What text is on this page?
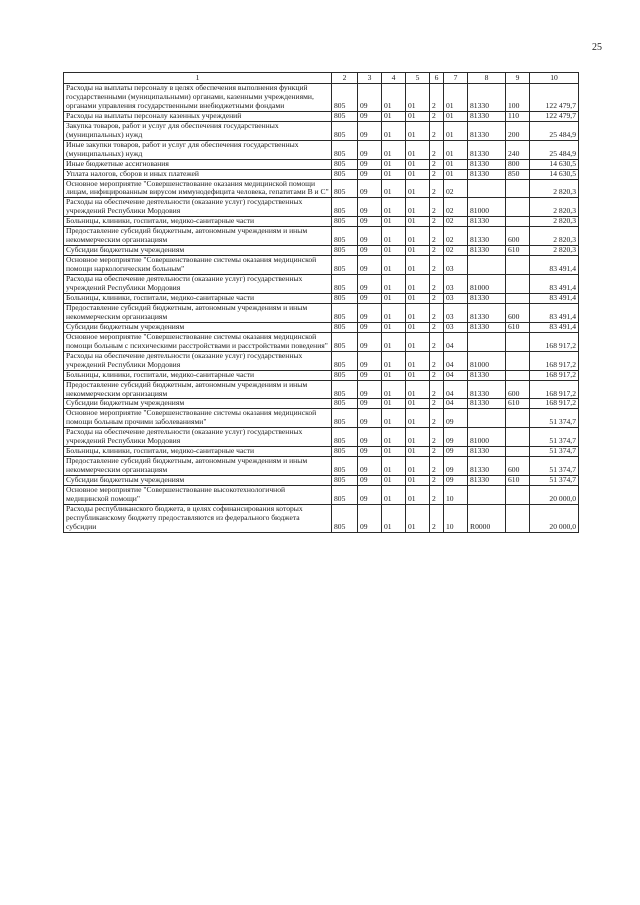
25
1	2	3	4	5	6	7	8	9	10
Расходы на выплаты персоналу в целях обеспечения выполнения функций государственными (муниципальными) органами, казенными учреждениями, органами управления государственными внебюджетными фондами	805	09	01	01	2	01	81330	100	122 479,7
Расходы на выплаты персоналу казенных учреждений	805	09	01	01	2	01	81330	110	122 479,7
Закупка товаров, работ и услуг для обеспечения государственных (муниципальных) нужд	805	09	01	01	2	01	81330	200	25 484,9
Иные закупки товаров, работ и услуг для обеспечения государственных (муниципальных) нужд	805	09	01	01	2	01	81330	240	25 484,9
Иные бюджетные ассигнования	805	09	01	01	2	01	81330	800	14 630,5
Уплата налогов, сборов и иных платежей	805	09	01	01	2	01	81330	850	14 630,5
Основное мероприятие "Совершенствование оказания медицинской помощи лицам, инфицированным вирусом иммунодефицита человека, гепатитами В и С"	805	09	01	01	2	02			2 820,3
Расходы на обеспечение деятельности (оказание услуг) государственных учреждений Республики Мордовия	805	09	01	01	2	02	81000		2 820,3
Больницы, клиники, госпитали, медико-санитарные части	805	09	01	01	2	02	81330		2 820,3
Предоставление субсидий бюджетным, автономным учреждениям и иным некоммерческим организациям	805	09	01	01	2	02	81330	600	2 820,3
Субсидии бюджетным учреждениям	805	09	01	01	2	02	81330	610	2 820,3
Основное мероприятие "Совершенствование системы оказания медицинской помощи наркологическим больным"	805	09	01	01	2	03			83 491,4
Расходы на обеспечение деятельности (оказание услуг) государственных учреждений Республики Мордовия	805	09	01	01	2	03	81000		83 491,4
Больницы, клиники, госпитали, медико-санитарные части	805	09	01	01	2	03	81330		83 491,4
Предоставление субсидий бюджетным, автономным учреждениям и иным некоммерческим организациям	805	09	01	01	2	03	81330	600	83 491,4
Субсидии бюджетным учреждениям	805	09	01	01	2	03	81330	610	83 491,4
Основное мероприятие "Совершенствование системы оказания медицинской помощи больным с психическими расстройствами и расстройствами поведения"	805	09	01	01	2	04			168 917,2
Расходы на обеспечение деятельности (оказание услуг) государственных учреждений Республики Мордовия	805	09	01	01	2	04	81000		168 917,2
Больницы, клиники, госпитали, медико-санитарные части	805	09	01	01	2	04	81330		168 917,2
Предоставление субсидий бюджетным, автономным учреждениям и иным некоммерческим организациям	805	09	01	01	2	04	81330	600	168 917,2
Субсидии бюджетным учреждениям	805	09	01	01	2	04	81330	610	168 917,2
Основное мероприятие "Совершенствование системы оказания медицинской помощи больным прочими заболеваниями"	805	09	01	01	2	09			51 374,7
Расходы на обеспечение деятельности (оказание услуг) государственных учреждений Республики Мордовия	805	09	01	01	2	09	81000		51 374,7
Больницы, клиники, госпитали, медико-санитарные части	805	09	01	01	2	09	81330		51 374,7
Предоставление субсидий бюджетным, автономным учреждениям и иным некоммерческим организациям	805	09	01	01	2	09	81330	600	51 374,7
Субсидии бюджетным учреждениям	805	09	01	01	2	09	81330	610	51 374,7
Основное мероприятие "Совершенствование высокотехнологичной медицинской помощи"	805	09	01	01	2	10			20 000,0
Расходы республиканского бюджета, в целях софинансирования которых республиканскому бюджету предоставляются из федерального бюджета субсидии	805	09	01	01	2	10	R0000		20 000,0
